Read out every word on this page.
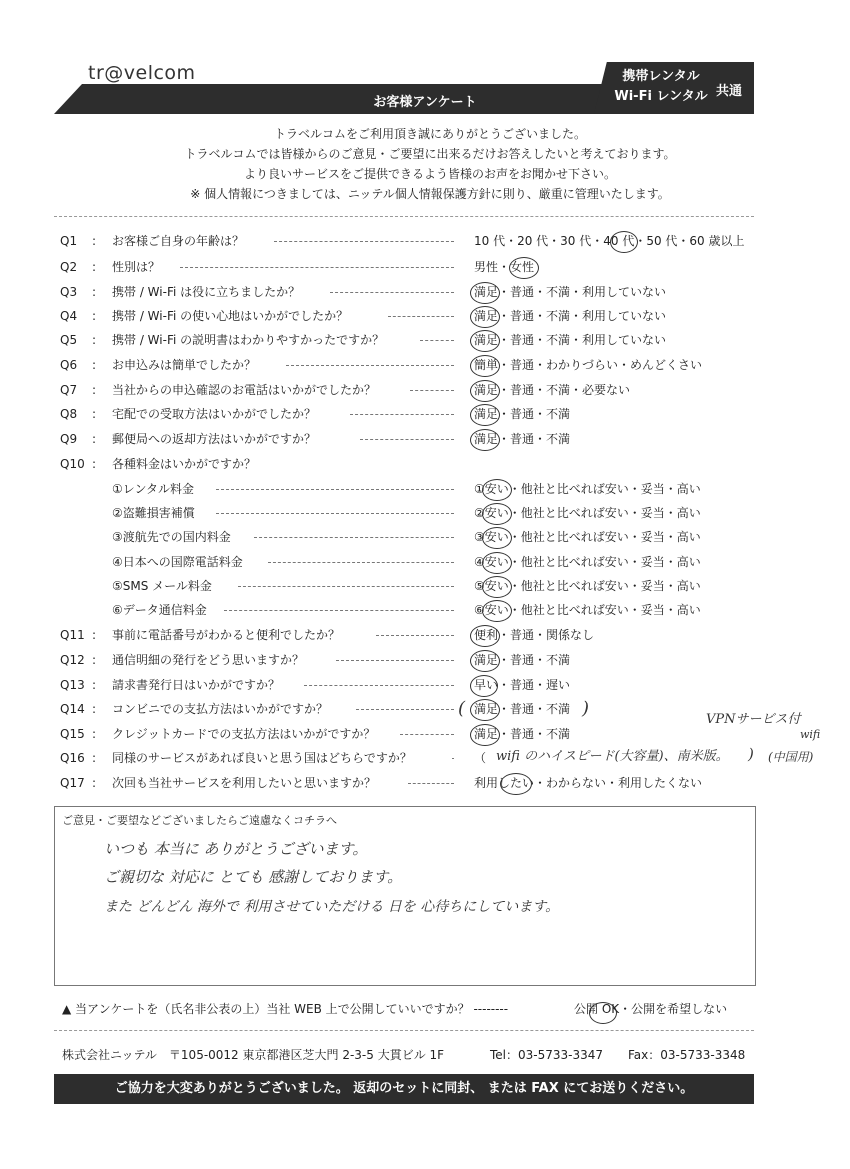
tr@velcom
お客様アンケート
携帯レンタル
Wi-Fi レンタル 共通
トラベルコムをご利用頂き誠にありがとうございました。
トラベルコムでは皆様からのご意見・ご要望に出来るだけお答えしたいと考えております。
より良いサービスをご提供できるよう皆様のお声をお聞かせ下さい。
※ 個人情報につきましては、ニッテル個人情報保護方針に則り、厳重に管理いたします。
Q1	: お客様ご自身の年齢は？	10 代・20 代・30 代・40 代・50 代・60 歳以上
Q2	: 性別は？	男性・女性
Q3	: 携帯 / Wi-Fi は役に立ちましたか？	満足・普通・不満・利用していない
Q4	: 携帯 / Wi-Fi の使い心地はいかがでしたか？	満足・普通・不満・利用していない
Q5	: 携帯 / Wi-Fi の説明書はわかりやすかったですか？	満足・普通・不満・利用していない
Q6	: お申込みは簡単でしたか？	簡単・普通・わかりづらい・めんどくさい
Q7	: 当社からの申込確認のお電話はいかがでしたか？	満足・普通・不満・必要ない
Q8	: 宅配での受取方法はいかがでしたか？	満足・普通・不満
Q9	: 郵便局への返却方法はいかがですか？	満足・普通・不満
Q10 : 各種料金はいかがですか？
①レンタル料金	①安い・他社と比べれば安い・妥当・高い
②盗難損害補償	②安い・他社と比べれば安い・妥当・高い
③渡航先での国内料金	③安い・他社と比べれば安い・妥当・高い
④日本への国際電話料金	④安い・他社と比べれば安い・妥当・高い
⑤SMS メール料金	⑤安い・他社と比べれば安い・妥当・高い
⑥データ通信料金	⑥安い・他社と比べれば安い・妥当・高い
Q11 : 事前に電話番号がわかると便利でしたか？	便利・普通・関係なし
Q12 : 通信明細の発行をどう思いますか？	満足・普通・不満
Q13 : 請求書発行日はいかがですか？	早い・普通・遅い
Q14 : コンビニでの支払方法はいかがですか？	満足・普通・不満
Q15 : クレジットカードでの支払方法はいかがですか？	満足・普通・不満
Q16 : 同様のサービスがあれば良いと思う国はどちらですか？	（
Q17 : 次回も当社サービスを利用したいと思いますか？	利用したい・わからない・利用したくない
(	)
wifi のハイスピード(大容量)、南米版。 )
VPNサービス付
wifi
(中国用)
ご意見・ご要望などございましたらご遠慮なくコチラへ
いつも 本当に ありがとうございます。
ご親切な 対応に とても 感謝しております。
また どんどん 海外で 利用させていただける 日を 心待ちにしています。
▲ 当アンケートを（氏名非公表の上）当社 WEB 上で公開していいですか？ --------	公開 OK・公開を希望しない
株式会社ニッテル　〒105-0012 東京都港区芝大門 2-3-5 大貫ビル 1F	Tel：03-5733-3347 Fax：03-5733-3348
ご協力を大変ありがとうございました。 返却のセットに同封、 または FAX にてお送りください。
